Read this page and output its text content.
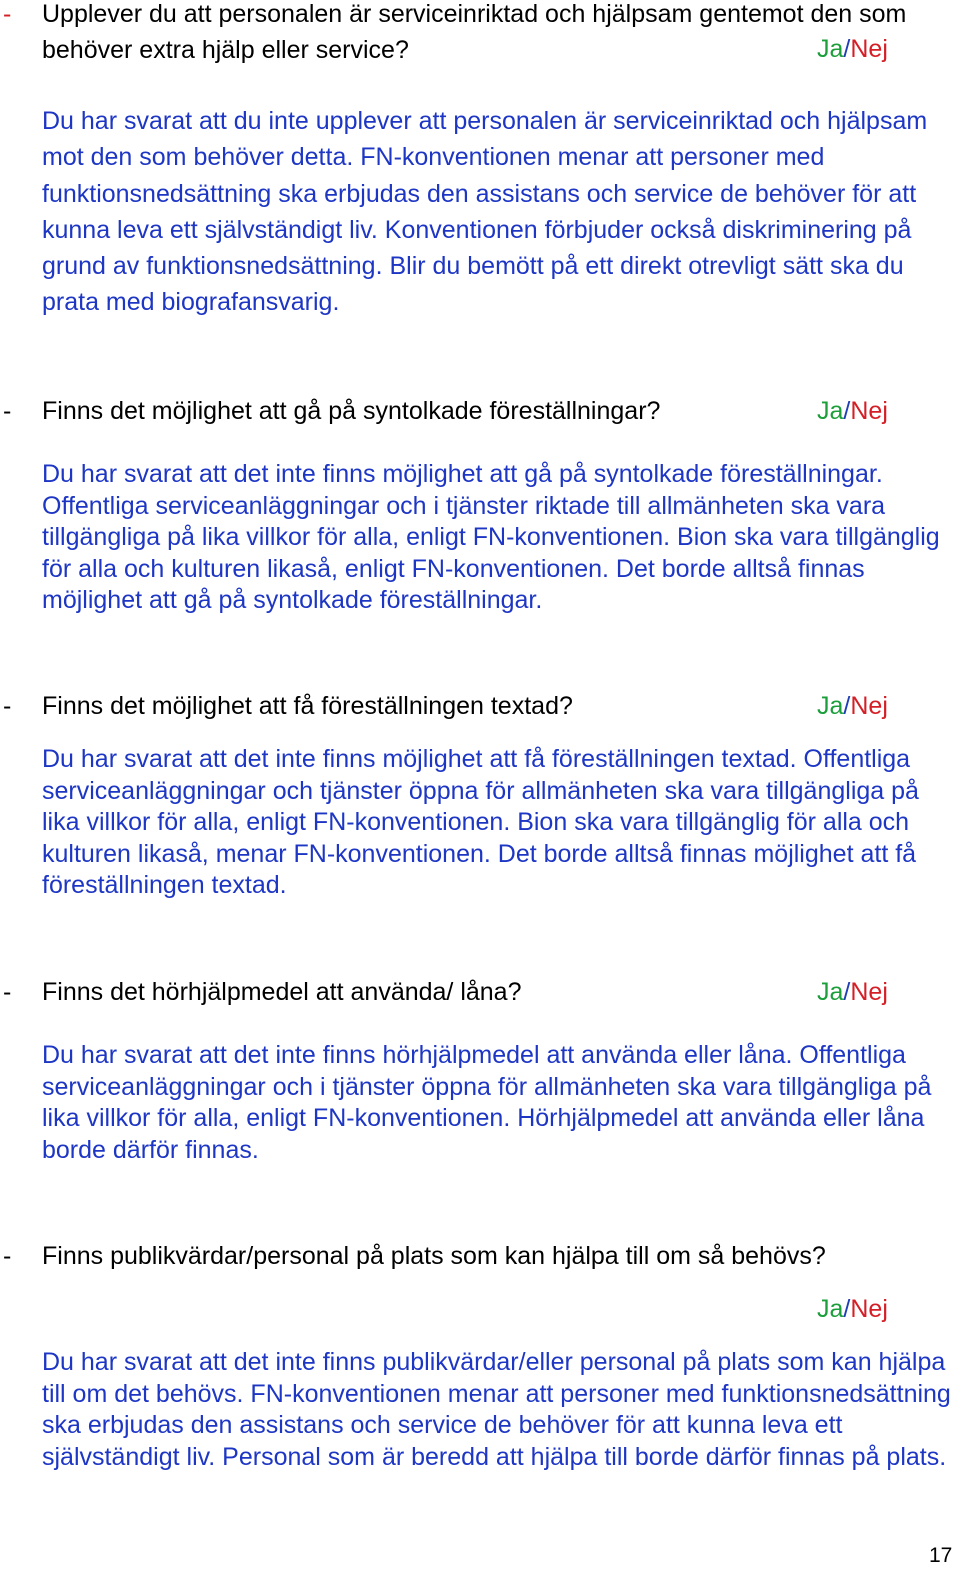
- Upplever du att personalen är serviceinriktad och hjälpsam gentemot den som behöver extra hjälp eller service?	Ja/Nej
Du har svarat att du inte upplever att personalen är serviceinriktad och hjälpsam mot den som behöver detta. FN-konventionen menar att personer med funktionsnedsättning ska erbjudas den assistans och service de behöver för att kunna leva ett självständigt liv. Konventionen förbjuder också diskriminering på grund av funktionsnedsättning. Blir du bemött på ett direkt otrevligt sätt ska du prata med biografansvarig.
- Finns det möjlighet att gå på syntolkade föreställningar?	Ja/Nej
Du har svarat att det inte finns möjlighet att gå på syntolkade föreställningar. Offentliga serviceanläggningar och i tjänster riktade till allmänheten ska vara tillgängliga på lika villkor för alla, enligt FN-konventionen. Bion ska vara tillgänglig för alla och kulturen likaså, enligt FN-konventionen. Det borde alltså finnas möjlighet att gå på syntolkade föreställningar.
- Finns det möjlighet att få föreställningen textad?	Ja/Nej
Du har svarat att det inte finns möjlighet att få föreställningen textad. Offentliga serviceanläggningar och tjänster öppna för allmänheten ska vara tillgängliga på lika villkor för alla, enligt FN-konventionen. Bion ska vara tillgänglig för alla och kulturen likaså, menar FN-konventionen. Det borde alltså finnas möjlighet att få föreställningen textad.
- Finns det hörhjälpmedel att använda/ låna?	Ja/Nej
Du har svarat att det inte finns hörhjälpmedel att använda eller låna. Offentliga serviceanläggningar och i tjänster öppna för allmänheten ska vara tillgängliga på lika villkor för alla, enligt FN-konventionen. Hörhjälpmedel att använda eller låna borde därför finnas.
- Finns publikvärdar/personal på plats som kan hjälpa till om så behövs?
Ja/Nej
Du har svarat att det inte finns publikvärdar/eller personal på plats som kan hjälpa till om det behövs. FN-konventionen menar att personer med funktionsnedsättning ska erbjudas den assistans och service de behöver för att kunna leva ett självständigt liv. Personal som är beredd att hjälpa till borde därför finnas på plats.
17
